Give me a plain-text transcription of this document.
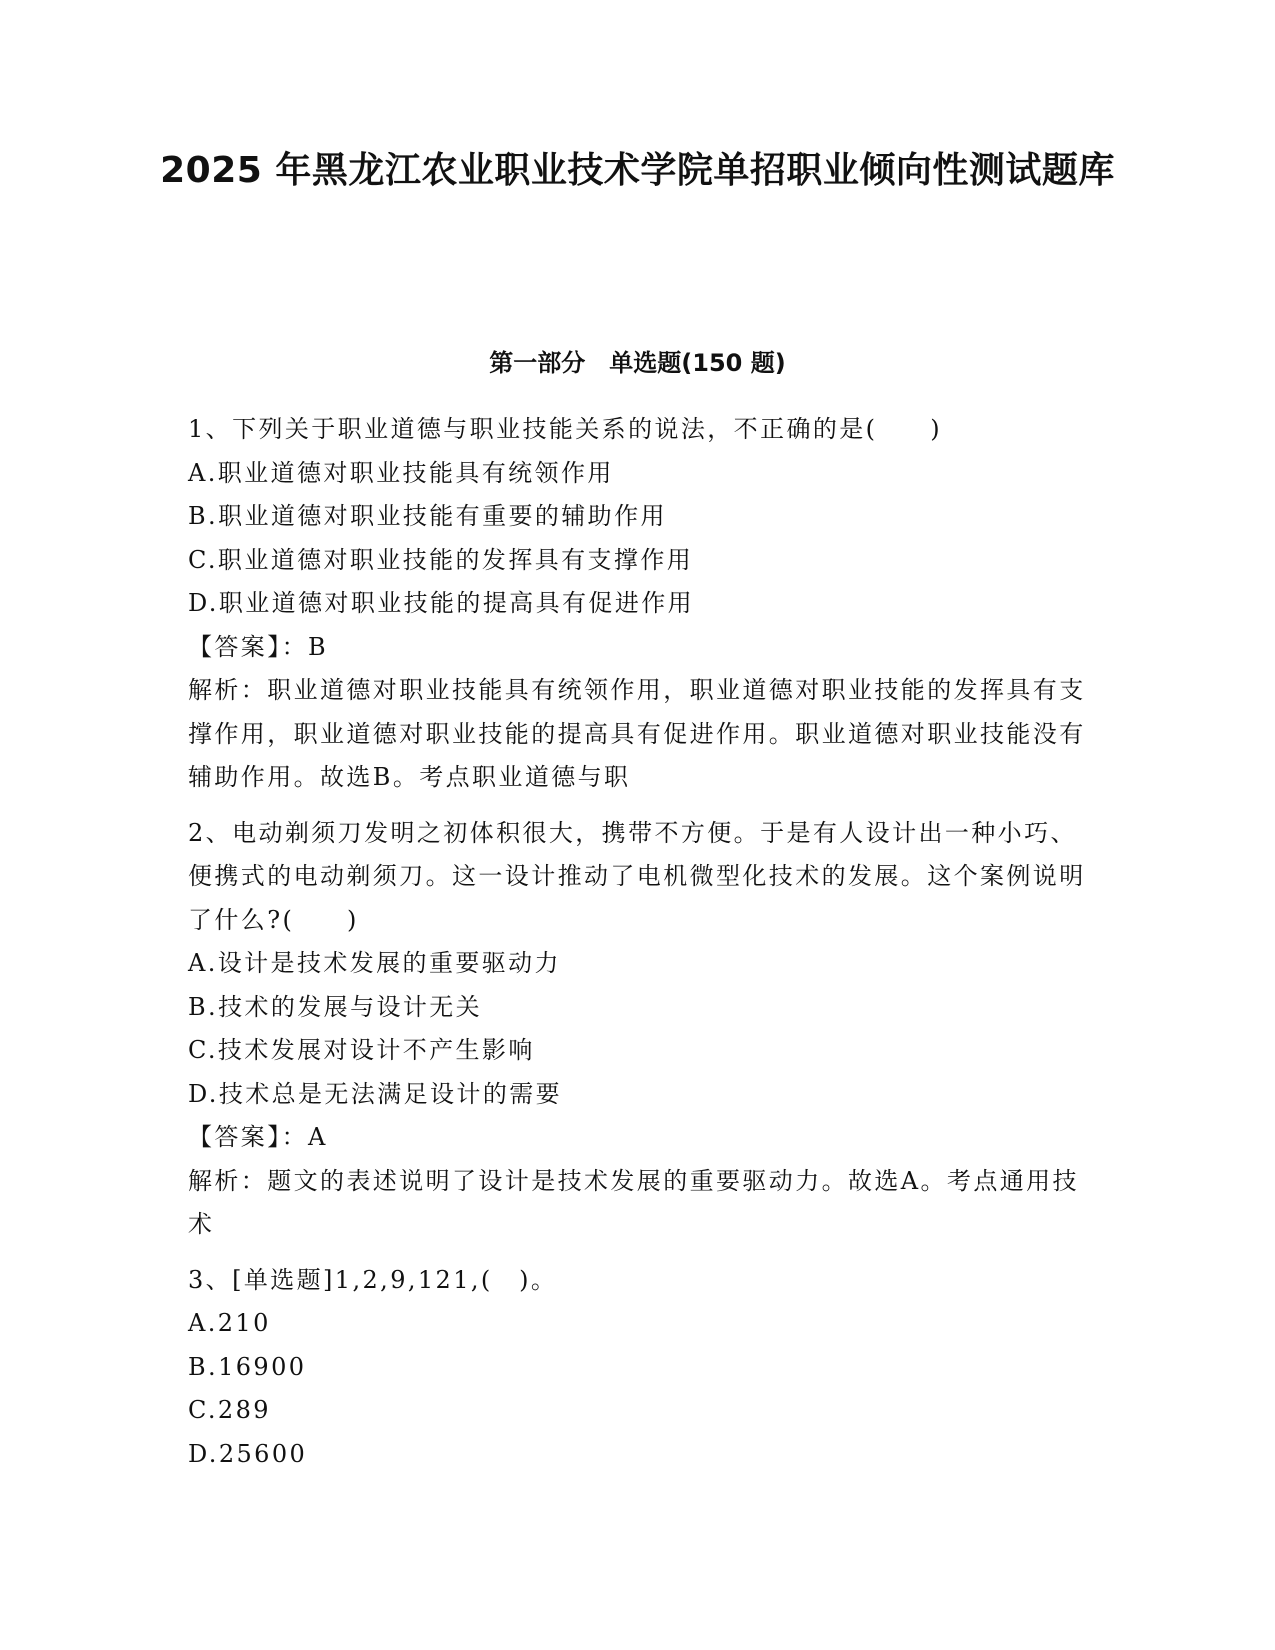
2025 年黑龙江农业职业技术学院单招职业倾向性测试题库
第一部分　单选题(150 题)
1、下列关于职业道德与职业技能关系的说法，不正确的是(　　)
A.职业道德对职业技能具有统领作用
B.职业道德对职业技能有重要的辅助作用
C.职业道德对职业技能的发挥具有支撑作用
D.职业道德对职业技能的提高具有促进作用
【答案】：B
解析：职业道德对职业技能具有统领作用，职业道德对职业技能的发挥具有支撑作用，职业道德对职业技能的提高具有促进作用。职业道德对职业技能没有辅助作用。故选B。考点职业道德与职
2、电动剃须刀发明之初体积很大，携带不方便。于是有人设计出一种小巧、便携式的电动剃须刀。这一设计推动了电机微型化技术的发展。这个案例说明了什么?(　　)
A.设计是技术发展的重要驱动力
B.技术的发展与设计无关
C.技术发展对设计不产生影响
D.技术总是无法满足设计的需要
【答案】：A
解析：题文的表述说明了设计是技术发展的重要驱动力。故选A。考点通用技术
3、[单选题]1,2,9,121,(　)。
A.210
B.16900
C.289
D.25600
